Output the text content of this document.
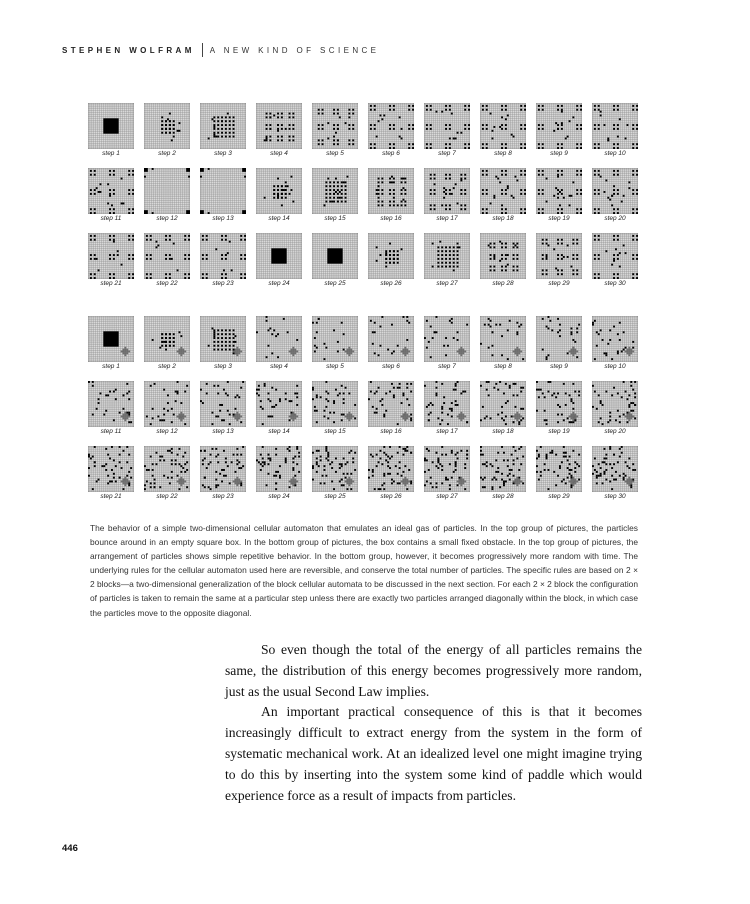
STEPHEN WOLFRAM A NEW KIND OF SCIENCE
step 1	step 2	step 3	step 4	step 5	step 6	step 7	step 8	step 9	step 10
step 11	step 12	step 13	step 14	step 15	step 16	step 17	step 18	step 19	step 20
step 21	step 22	step 23	step 24	step 25	step 26	step 27	step 28	step 29	step 30
step 1	step 2	step 3	step 4	step 5	step 6	step 7	step 8	step 9	step 10
step 11	step 12	step 13	step 14	step 15	step 16	step 17	step 18	step 19	step 20
step 21	step 22	step 23	step 24	step 25	step 26	step 27	step 28	step 29	step 30
The behavior of a simple two-dimensional cellular automaton that emulates an ideal gas of particles. In the top group of pictures, the particles bounce around in an empty square box. In the bottom group of pictures, the box contains a small fixed obstacle. In the top group of pictures, the arrangement of particles shows simple repetitive behavior. In the bottom group, however, it becomes progressively more random with time. The underlying rules for the cellular automaton used here are reversible, and conserve the total number of particles. The specific rules are based on 2 × 2 blocks—a two-dimensional generalization of the block cellular automata to be discussed in the next section. For each 2 × 2 block the configuration of particles is taken to remain the same at a particular step unless there are exactly two particles arranged diagonally within the block, in which case the particles move to the opposite diagonal.

So even though the total of the energy of all particles remains the same, the distribution of this energy becomes progressively more random, just as the usual Second Law implies.

An important practical consequence of this is that it becomes increasingly difficult to extract energy from the system in the form of systematic mechanical work. At an idealized level one might imagine trying to do this by inserting into the system some kind of paddle which would experience force as a result of impacts from particles.

446
